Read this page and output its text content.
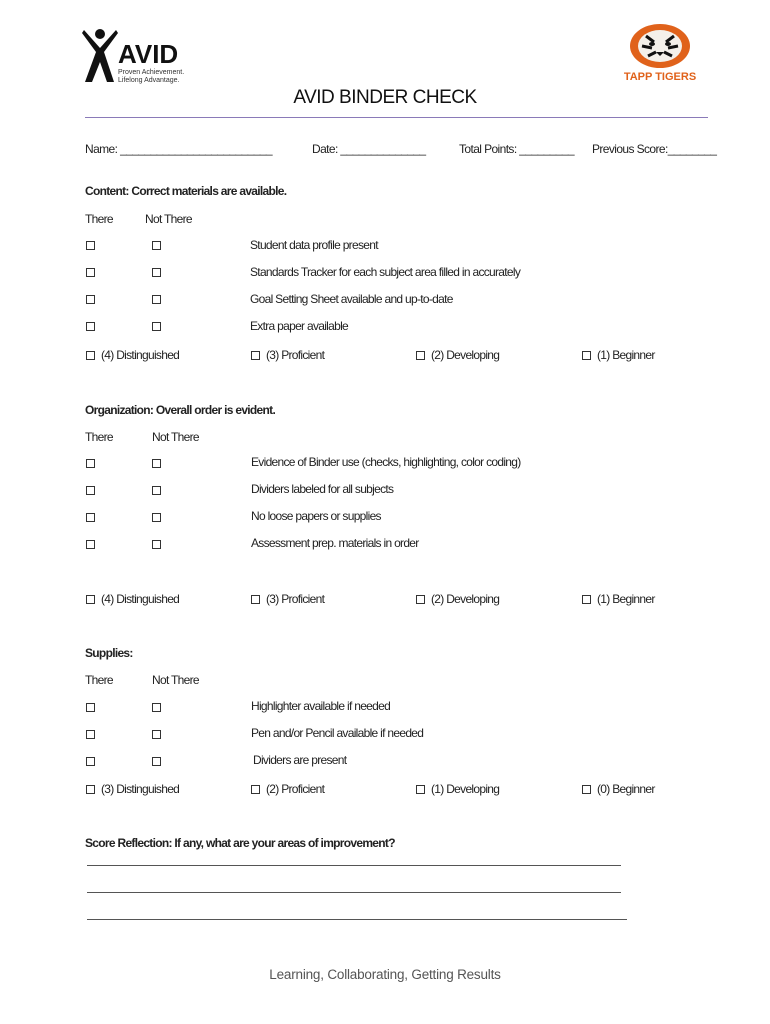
AVID
Proven Achievement.
Lifelong Advantage.	TAPP TIGERS
AVID BINDER CHECK
Name: _________________________	Date: ______________	Total Points: _________ Previous Score:________
Content: Correct materials are available.
There	Not There
Student data profile present
Standards Tracker for each subject area filled in accurately
Goal Setting Sheet available and up-to-date
Extra paper available
(4) Distinguished	(3) Proficient	(2) Developing	(1) Beginner
Organization: Overall order is evident.
There	Not There
Evidence of Binder use (checks, highlighting, color coding)
Dividers labeled for all subjects
No loose papers or supplies
Assessment prep. materials in order
(4) Distinguished	(3) Proficient	(2) Developing	(1) Beginner
Supplies:
There	Not There
Highlighter available if needed
Pen and/or Pencil available if needed
Dividers are present
(3) Distinguished	(2) Proficient	(1) Developing	(0) Beginner
Score Reflection: If any, what are your areas of improvement?
Learning, Collaborating, Getting Results
